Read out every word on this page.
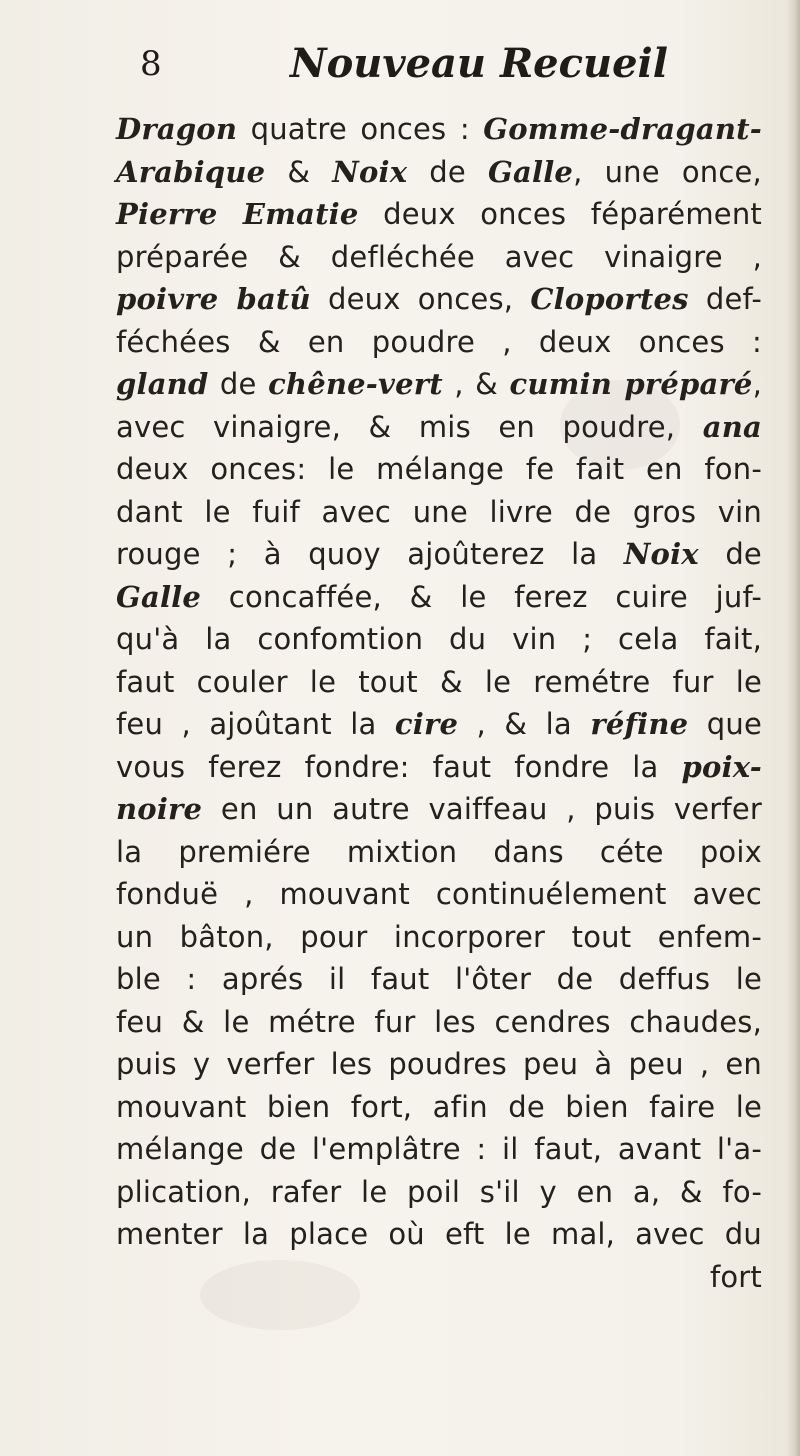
8	Nouveau Recueil
Dragon quatre onces : Gomme-dragant-
Arabique & Noix de Galle, une once,
Pierre Ematie deux onces féparément
préparée & defléchée avec vinaigre ,
poivre batû deux onces, Cloportes def-
féchées & en poudre , deux onces :
gland de chêne-vert , & cumin préparé,
avec vinaigre, & mis en poudre, ana
deux onces: le mélange fe fait en fon-
dant le fuif avec une livre de gros vin
rouge ; à quoy ajoûterez la Noix de
Galle concaffée, & le ferez cuire juf-
qu'à la confomtion du vin ; cela fait,
faut couler le tout & le remétre fur le
feu , ajoûtant la cire , & la réfine que
vous ferez fondre: faut fondre la poix-
noire en un autre vaiffeau , puis verfer
la premiére mixtion dans céte poix
fonduë , mouvant continuélement avec
un bâton, pour incorporer tout enfem-
ble : aprés il faut l'ôter de deffus le
feu & le métre fur les cendres chaudes,
puis y verfer les poudres peu à peu , en
mouvant bien fort, afin de bien faire le
mélange de l'emplâtre : il faut, avant l'a-
plication, rafer le poil s'il y en a, & fo-
menter la place où eft le mal, avec du
fort
